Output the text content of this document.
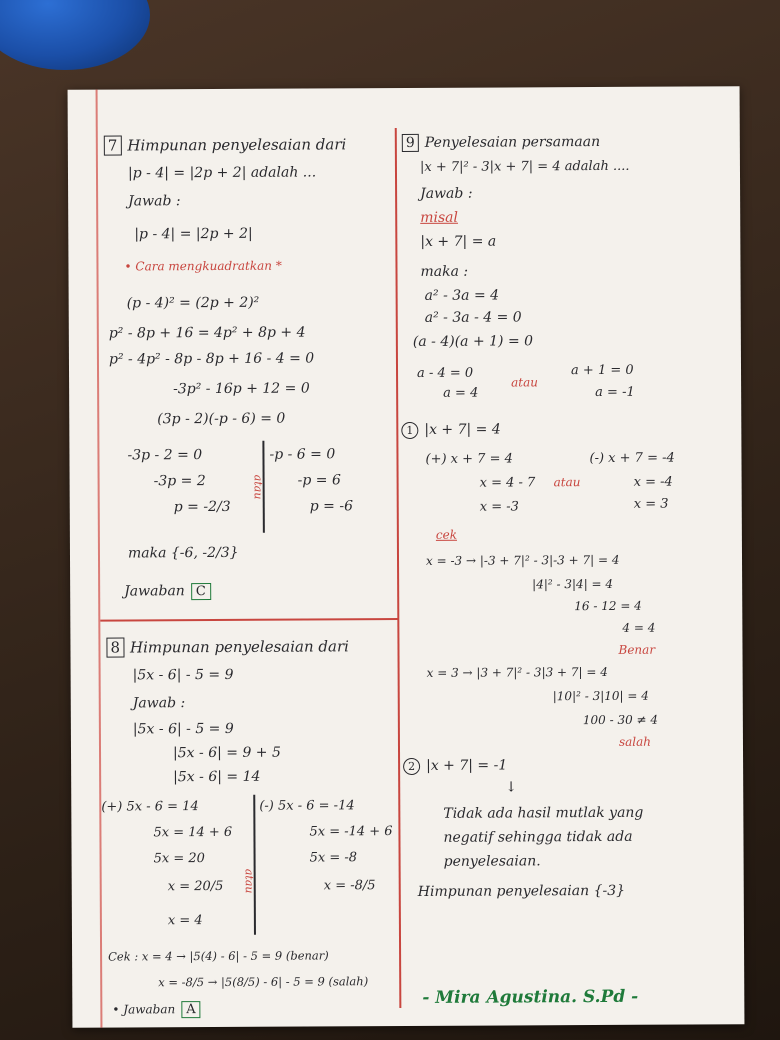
7 Himpunan penyelesaian dari
|p - 4| = |2p + 2| adalah ...
Jawab :
|p - 4| = |2p + 2|
• Cara mengkuadratkan *
(p - 4)² = (2p + 2)²
p² - 8p + 16 = 4p² + 8p + 4
p² - 4p² - 8p - 8p + 16 - 4 = 0
-3p² - 16p + 12 = 0
(3p - 2)(-p - 6) = 0
-3p - 2 = 0
-3p = 2
p = -2/3
atau
-p - 6 = 0
-p = 6
p = -6
maka {-6, -2/3}
Jawaban C
8 Himpunan penyelesaian dari
|5x - 6| - 5 = 9
Jawab :
|5x - 6| - 5 = 9
|5x - 6| = 9 + 5
|5x - 6| = 14
(+) 5x - 6 = 14
5x = 14 + 6
5x = 20
x = 20/5
x = 4
atau
(-) 5x - 6 = -14
5x = -14 + 6
5x = -8
x = -8/5
Cek : x = 4 → |5(4) - 6| - 5 = 9 (benar)
x = -8/5 → |5(8/5) - 6| - 5 = 9 (salah)
• Jawaban A
9 Penyelesaian persamaan
|x + 7|² - 3|x + 7| = 4 adalah ....
Jawab :
misal
|x + 7| = a
maka :
a² - 3a = 4
a² - 3a - 4 = 0
(a - 4)(a + 1) = 0
a - 4 = 0
a = 4
atau
a + 1 = 0
a = -1
1 |x + 7| = 4
(+) x + 7 = 4
x = 4 - 7
x = -3
atau
(-) x + 7 = -4
x = -4
x = 3
cek
x = -3 → |-3 + 7|² - 3|-3 + 7| = 4
|4|² - 3|4| = 4
16 - 12 = 4
4 = 4
Benar
x = 3 → |3 + 7|² - 3|3 + 7| = 4
|10|² - 3|10| = 4
100 - 30 ≠ 4
salah
2 |x + 7| = -1
↓
Tidak ada hasil mutlak yang
negatif sehingga tidak ada
penyelesaian.
Himpunan penyelesaian {-3}
- Mira Agustina. S.Pd -
